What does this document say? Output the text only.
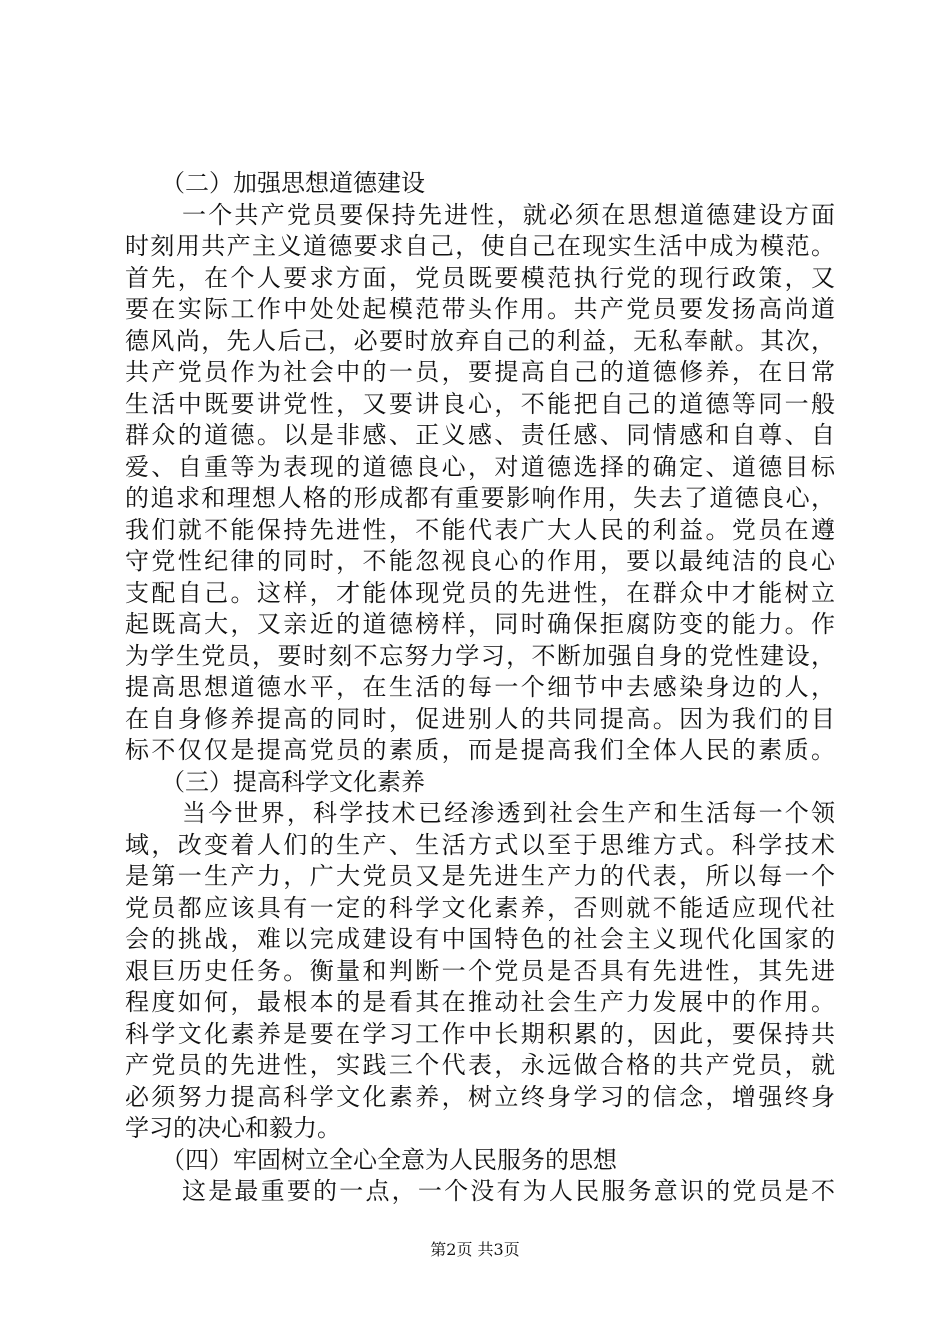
（二）加强思想道德建设
一个共产党员要保持先进性，就必须在思想道德建设方面
时刻用共产主义道德要求自己，使自己在现实生活中成为模范。
首先，在个人要求方面，党员既要模范执行党的现行政策，又
要在实际工作中处处起模范带头作用。共产党员要发扬高尚道
德风尚，先人后己，必要时放弃自己的利益，无私奉献。其次，
共产党员作为社会中的一员，要提高自己的道德修养，在日常
生活中既要讲党性，又要讲良心，不能把自己的道德等同一般
群众的道德。以是非感、正义感、责任感、同情感和自尊、自
爱、自重等为表现的道德良心，对道德选择的确定、道德目标
的追求和理想人格的形成都有重要影响作用，失去了道德良心，
我们就不能保持先进性，不能代表广大人民的利益。党员在遵
守党性纪律的同时，不能忽视良心的作用，要以最纯洁的良心
支配自己。这样，才能体现党员的先进性，在群众中才能树立
起既高大，又亲近的道德榜样，同时确保拒腐防变的能力。作
为学生党员，要时刻不忘努力学习，不断加强自身的党性建设，
提高思想道德水平，在生活的每一个细节中去感染身边的人，
在自身修养提高的同时，促进别人的共同提高。因为我们的目
标不仅仅是提高党员的素质，而是提高我们全体人民的素质。
（三）提高科学文化素养
当今世界，科学技术已经渗透到社会生产和生活每一个领
域，改变着人们的生产、生活方式以至于思维方式。科学技术
是第一生产力，广大党员又是先进生产力的代表，所以每一个
党员都应该具有一定的科学文化素养，否则就不能适应现代社
会的挑战，难以完成建设有中国特色的社会主义现代化国家的
艰巨历史任务。衡量和判断一个党员是否具有先进性，其先进
程度如何，最根本的是看其在推动社会生产力发展中的作用。
科学文化素养是要在学习工作中长期积累的，因此，要保持共
产党员的先进性，实践三个代表，永远做合格的共产党员，就
必须努力提高科学文化素养，树立终身学习的信念，增强终身
学习的决心和毅力。
（四）牢固树立全心全意为人民服务的思想
这是最重要的一点，一个没有为人民服务意识的党员是不
第2页 共3页
